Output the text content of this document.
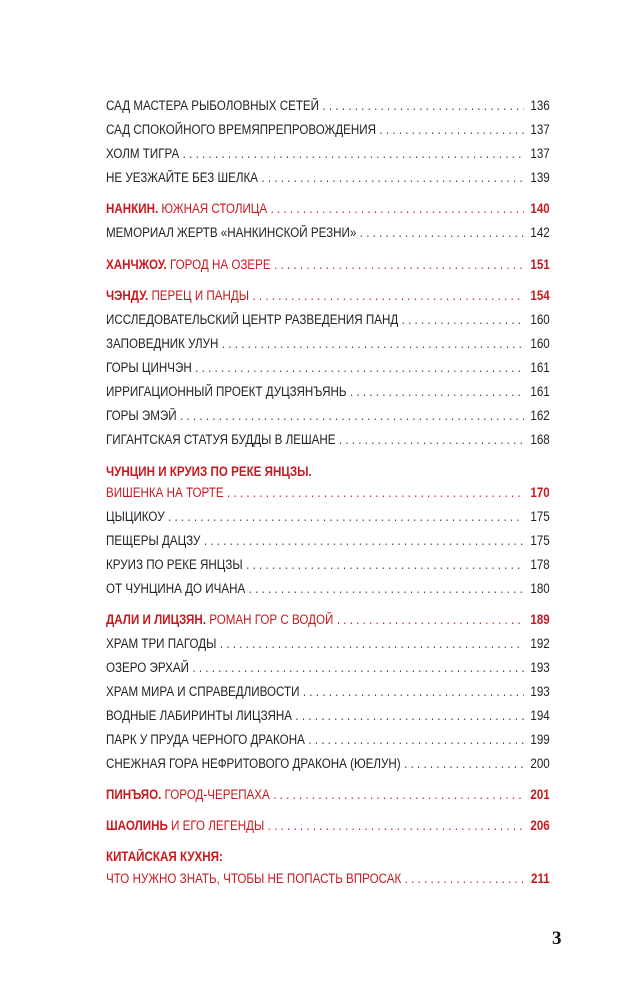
САД МАСТЕРА РЫБОЛОВНЫХ СЕТЕЙ . . .	136
САД СПОКОЙНОГО ВРЕМЯПРЕПРОВОЖДЕНИЯ . . .	137
ХОЛМ ТИГРА . . .	137
НЕ УЕЗЖАЙТЕ БЕЗ ШЕЛКА . . .	139
НАНКИН. ЮЖНАЯ СТОЛИЦА . . .	140
МЕМОРИАЛ ЖЕРТВ «НАНКИНСКОЙ РЕЗНИ» . . .	142
ХАНЧЖОУ. ГОРОД НА ОЗЕРЕ . . .	151
ЧЭНДУ. ПЕРЕЦ И ПАНДЫ . . .	154
ИССЛЕДОВАТЕЛЬСКИЙ ЦЕНТР РАЗВЕДЕНИЯ ПАНД . . .	160
ЗАПОВЕДНИК УЛУН . . .	160
ГОРЫ ЦИНЧЭН . . .	161
ИРРИГАЦИОННЫЙ ПРОЕКТ ДУЦЗЯНЪЯНЬ . . .	161
ГОРЫ ЭМЭЙ . . .	162
ГИГАНТСКАЯ СТАТУЯ БУДДЫ В ЛЕШАНЕ . . .	168
ЧУНЦИН И КРУИЗ ПО РЕКЕ ЯНЦЗЫ.
ВИШЕНКА НА ТОРТЕ . . .	170
ЦЫЦИКОУ . . .	175
ПЕЩЕРЫ ДАЦЗУ . . .	175
КРУИЗ ПО РЕКЕ ЯНЦЗЫ . . .	178
ОТ ЧУНЦИНА ДО ИЧАНА . . .	180
ДАЛИ И ЛИЦЗЯН. РОМАН ГОР С ВОДОЙ . . .	189
ХРАМ ТРИ ПАГОДЫ . . .	192
ОЗЕРО ЭРХАЙ . . .	193
ХРАМ МИРА И СПРАВЕДЛИВОСТИ . . .	193
ВОДНЫЕ ЛАБИРИНТЫ ЛИЦЗЯНА . . .	194
ПАРК У ПРУДА ЧЕРНОГО ДРАКОНА . . .	199
СНЕЖНАЯ ГОРА НЕФРИТОВОГО ДРАКОНА (ЮЕЛУН) . . .	200
ПИНЪЯО. ГОРОД-ЧЕРЕПАХА . . .	201
ШАОЛИНЬ И ЕГО ЛЕГЕНДЫ . . .	206
КИТАЙСКАЯ КУХНЯ:
ЧТО НУЖНО ЗНАТЬ, ЧТОБЫ НЕ ПОПАСТЬ ВПРОСАК . . .	211
3
